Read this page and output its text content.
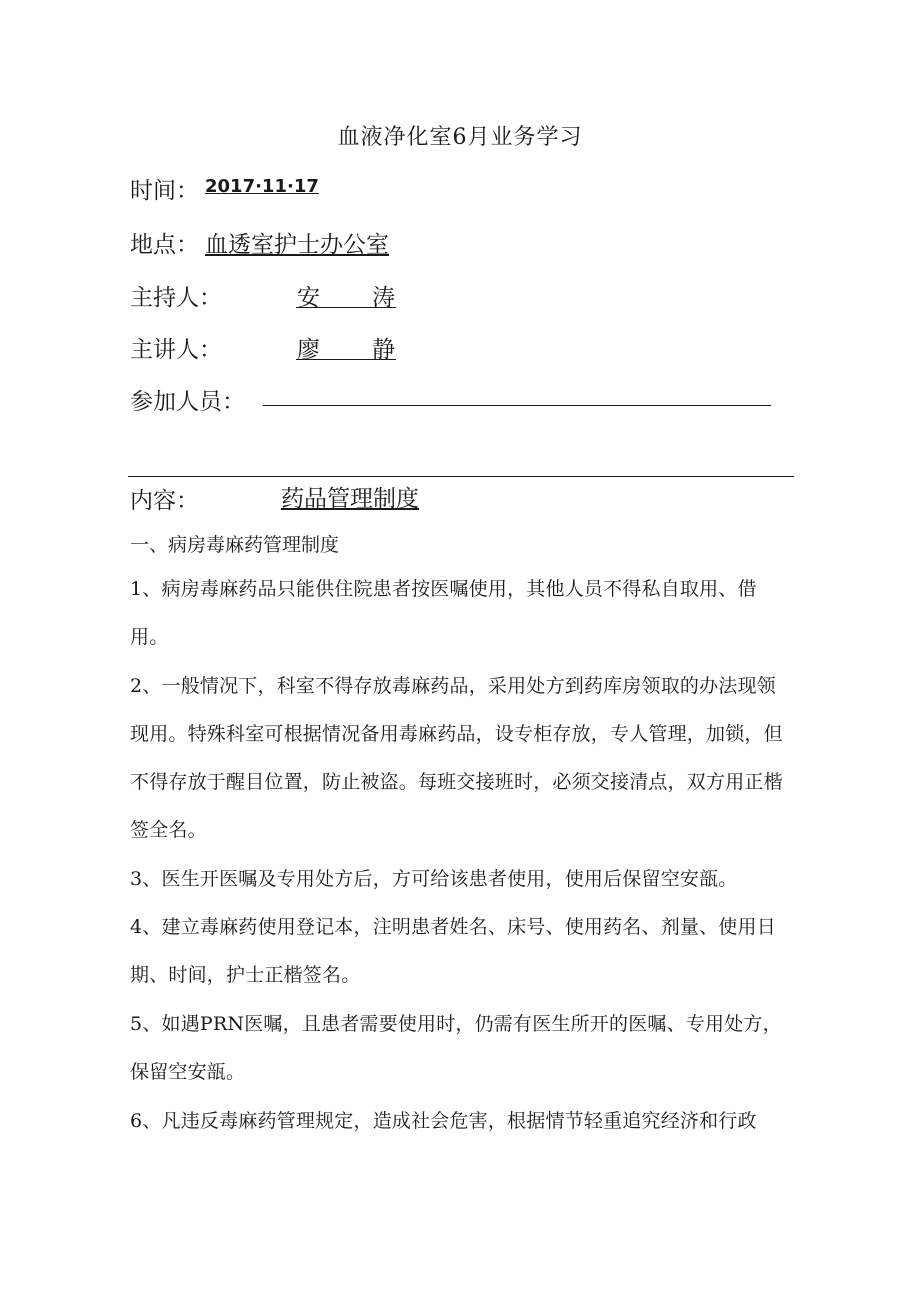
血液净化室6月业务学习
时间： 2017·11·17
地点： 血透室护士办公室
主持人：	安 涛
主讲人：	廖 静
参加人员：
内容：	药品管理制度
一、病房毒麻药管理制度
1、病房毒麻药品只能供住院患者按医嘱使用，其他人员不得私自取用、借用。
2、一般情况下，科室不得存放毒麻药品，采用处方到药库房领取的办法现领现用。特殊科室可根据情况备用毒麻药品，设专柜存放，专人管理，加锁，但不得存放于醒目位置，防止被盗。每班交接班时，必须交接清点，双方用正楷签全名。
3、医生开医嘱及专用处方后，方可给该患者使用，使用后保留空安瓿。
4、建立毒麻药使用登记本，注明患者姓名、床号、使用药名、剂量、使用日期、时间，护士正楷签名。
5、如遇PRN医嘱，且患者需要使用时，仍需有医生所开的医嘱、专用处方，保留空安瓿。
6、凡违反毒麻药管理规定，造成社会危害，根据情节轻重追究经济和行政
